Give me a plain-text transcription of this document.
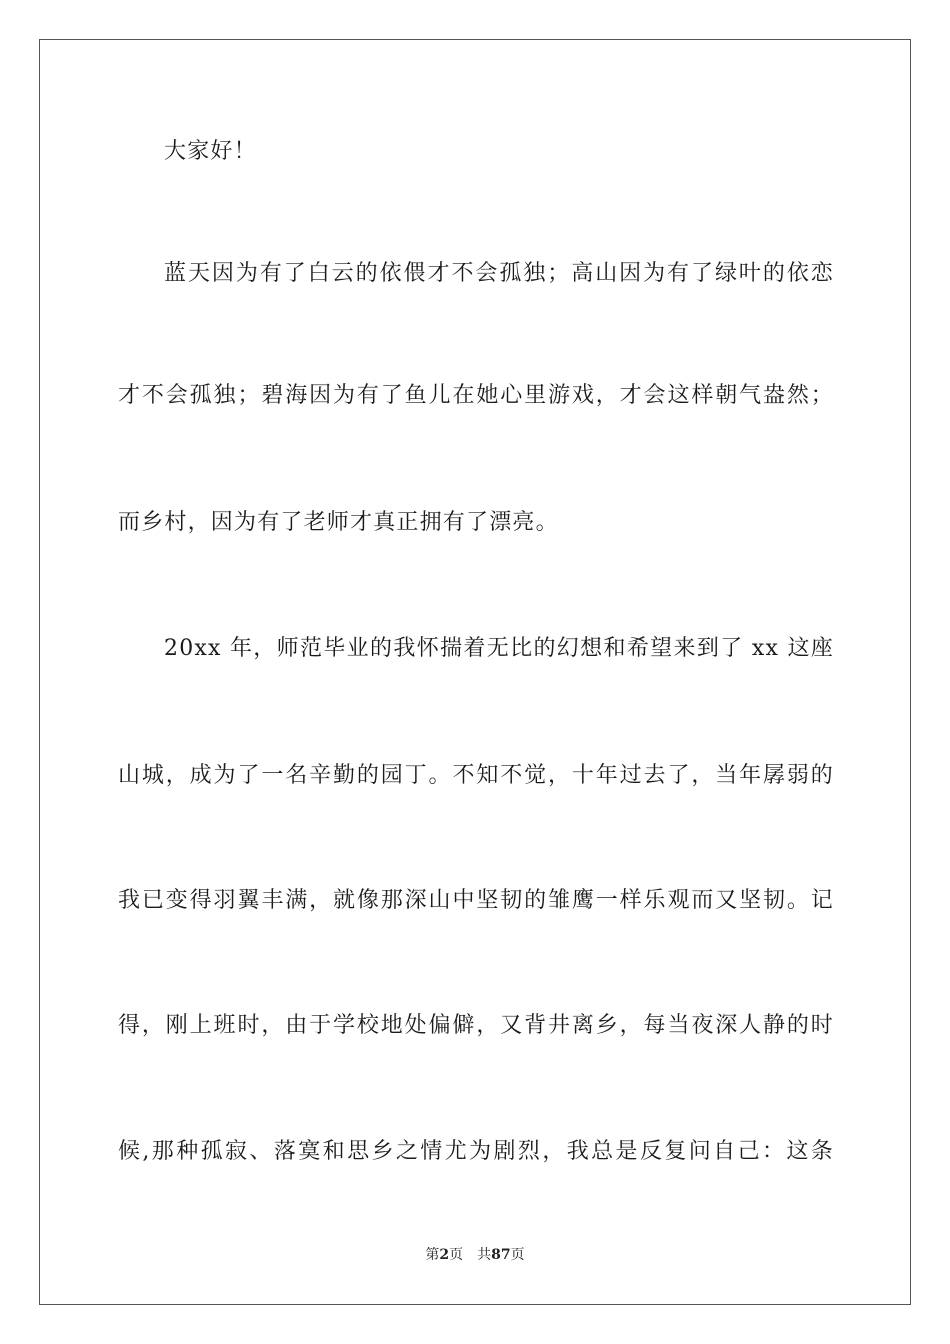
大家好！
蓝天因为有了白云的依偎才不会孤独；高山因为有了绿叶的依恋
才不会孤独；碧海因为有了鱼儿在她心里游戏，才会这样朝气盎然；
而乡村，因为有了老师才真正拥有了漂亮。
20xx 年，师范毕业的我怀揣着无比的幻想和希望来到了 xx 这座
山城，成为了一名辛勤的园丁。不知不觉，十年过去了，当年孱弱的
我已变得羽翼丰满，就像那深山中坚韧的雏鹰一样乐观而又坚韧。记
得，刚上班时，由于学校地处偏僻，又背井离乡，每当夜深人静的时
候,那种孤寂、落寞和思乡之情尤为剧烈，我总是反复问自己：这条
第2页 共87页
